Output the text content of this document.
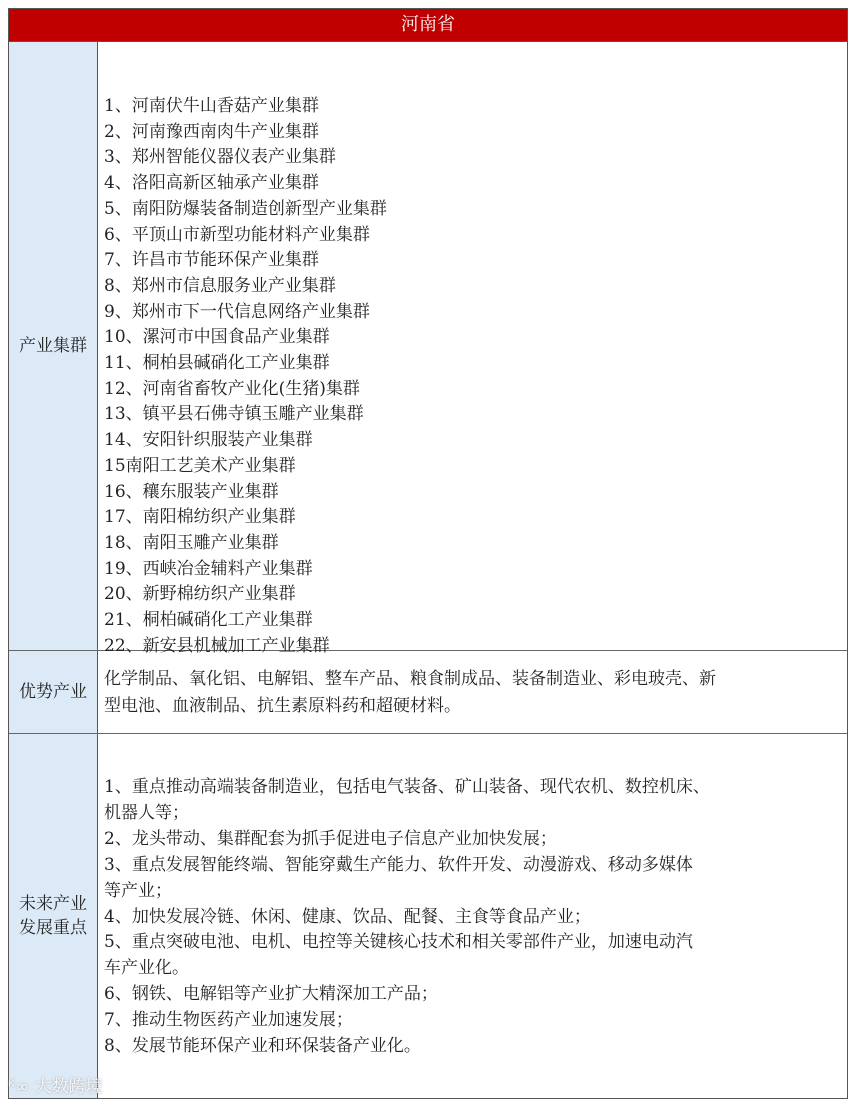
河南省
产业集群
1、河南伏牛山香菇产业集群
2、河南豫西南肉牛产业集群
3、郑州智能仪器仪表产业集群
4、洛阳高新区轴承产业集群
5、南阳防爆装备制造创新型产业集群
6、平顶山市新型功能材料产业集群
7、许昌市节能环保产业集群
8、郑州市信息服务业产业集群
9、郑州市下一代信息网络产业集群
10、漯河市中国食品产业集群
11、桐柏县碱硝化工产业集群
12、河南省畜牧产业化(生猪)集群
13、镇平县石佛寺镇玉雕产业集群
14、安阳针织服装产业集群
15南阳工艺美术产业集群
16、穰东服装产业集群
17、南阳棉纺织产业集群
18、南阳玉雕产业集群
19、西峡冶金辅料产业集群
20、新野棉纺织产业集群
21、桐柏碱硝化工产业集群
22、新安县机械加工产业集群
优势产业
化学制品、氧化铝、电解铝、整车产品、粮食制成品、装备制造业、彩电玻壳、新
型电池、血液制品、抗生素原料药和超硬材料。
未来产业
发展重点
1、重点推动高端装备制造业，包括电气装备、矿山装备、现代农机、数控机床、
机器人等；
2、龙头带动、集群配套为抓手促进电子信息产业加快发展；
3、重点发展智能终端、智能穿戴生产能力、软件开发、动漫游戏、移动多媒体
等产业；
4、加快发展冷链、休闲、健康、饮品、配餐、主食等食品产业；
5、重点突破电池、电机、电控等关键核心技术和相关零部件产业，加速电动汽
车产业化。
6、钢铁、电解铝等产业扩大精深加工产品；
7、推动生物医药产业加速发展；
8、发展节能环保产业和环保装备产业化。
ᴷ∞ 大数跨境
